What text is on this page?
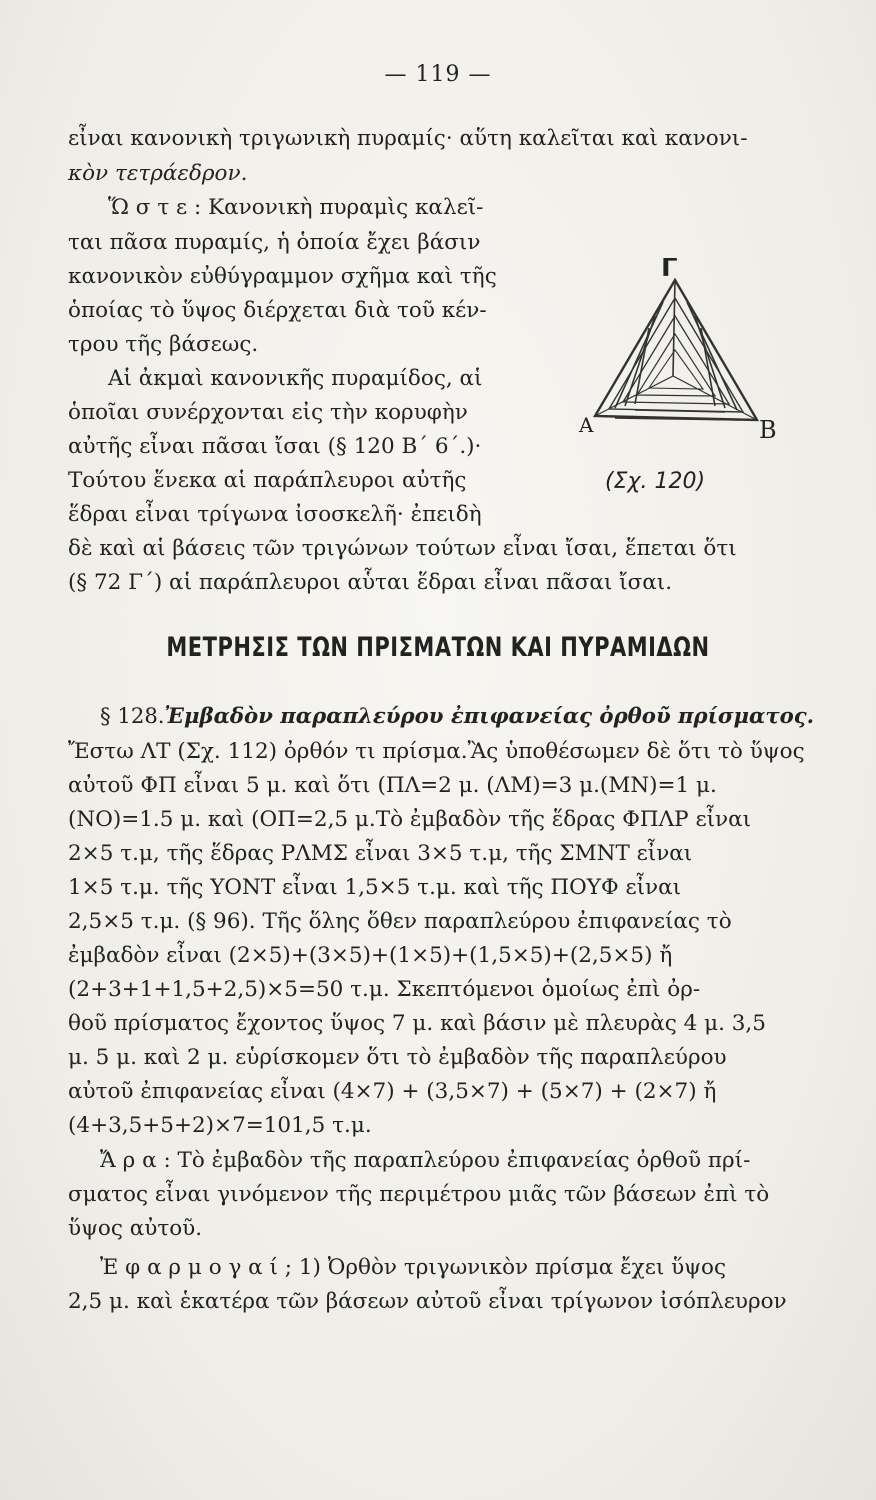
— 119 —
εἶναι κανονικὴ τριγωνικὴ πυραμίς· αὕτη καλεῖται καὶ κανονι-
κὸν τετράεδρον.
Ὥ σ τ ε : Κανονικὴ πυραμὶς καλεῖ-
ται πᾶσα πυραμίς, ἡ ὁποία ἔχει βάσιν
κανονικὸν εὐθύγραμμον σχῆμα καὶ τῆς
ὁποίας τὸ ὕψος διέρχεται διὰ τοῦ κέν-
τρου τῆς βάσεως.
Αἱ ἀκμαὶ κανονικῆς πυραμίδος, αἱ
ὁποῖαι συνέρχονται εἰς τὴν κορυφὴν
αὐτῆς εἶναι πᾶσαι ἴσαι (§ 120 Β΄ 6΄.)·
Τούτου ἕνεκα αἱ παράπλευροι αὐτῆς
ἕδραι εἶναι τρίγωνα ἰσοσκελῆ· ἐπειδὴ
δὲ καὶ αἱ βάσεις τῶν τριγώνων τούτων εἶναι ἴσαι, ἕπεται ὅτι
(§ 72 Γ΄) αἱ παράπλευροι αὗται ἕδραι εἶναι πᾶσαι ἴσαι.
Γ
Α	Β
(Σχ. 120)
ΜΕΤΡΗΣΙΣ ΤΩΝ ΠΡΙΣΜΑΤΩΝ ΚΑΙ ΠΥΡΑΜΙΔΩΝ
§ 128.Ἐμβαδὸν παραπλεύρου ἐπιφανείας ὀρθοῦ πρίσματος.
Ἔστω ΛΤ (Σχ. 112) ὀρθόν τι πρίσμα.Ἂς ὑποθέσωμεν δὲ ὅτι τὸ ὕψος
αὐτοῦ ΦΠ εἶναι 5 μ. καὶ ὅτι (ΠΛ=2 μ. (ΛΜ)=3 μ.(ΜΝ)=1 μ.
(ΝΟ)=1.5 μ. καὶ (ΟΠ=2,5 μ.Τὸ ἐμβαδὸν τῆς ἕδρας ΦΠΛΡ εἶναι
2×5 τ.μ, τῆς ἕδρας ΡΛΜΣ εἶναι 3×5 τ.μ, τῆς ΣΜΝΤ εἶναι
1×5 τ.μ. τῆς ΥΟΝΤ εἶναι 1,5×5 τ.μ. καὶ τῆς ΠΟΥΦ εἶναι
2,5×5 τ.μ. (§ 96). Τῆς ὅλης ὅθεν παραπλεύρου ἐπιφανείας τὸ
ἐμβαδὸν εἶναι (2×5)+(3×5)+(1×5)+(1,5×5)+(2,5×5) ἤ
(2+3+1+1,5+2,5)×5=50 τ.μ. Σκεπτόμενοι ὁμοίως ἐπὶ ὀρ-
θοῦ πρίσματος ἔχοντος ὕψος 7 μ. καὶ βάσιν μὲ πλευρὰς 4 μ. 3,5
μ. 5 μ. καὶ 2 μ. εὑρίσκομεν ὅτι τὸ ἐμβαδὸν τῆς παραπλεύρου
αὐτοῦ ἐπιφανείας εἶναι (4×7) + (3,5×7) + (5×7) + (2×7) ἤ
(4+3,5+5+2)×7=101,5 τ.μ.
Ἄ ρ α : Τὸ ἐμβαδὸν τῆς παραπλεύρου ἐπιφανείας ὀρθοῦ πρί-
σματος εἶναι γινόμενον τῆς περιμέτρου μιᾶς τῶν βάσεων ἐπὶ τὸ
ὕψος αὐτοῦ.
Ἐ φ α ρ μ ο γ α ί ; 1) Ὀρθὸν τριγωνικὸν πρίσμα ἔχει ὕψος
2,5 μ. καὶ ἑκατέρα τῶν βάσεων αὐτοῦ εἶναι τρίγωνον ἰσόπλευρον
